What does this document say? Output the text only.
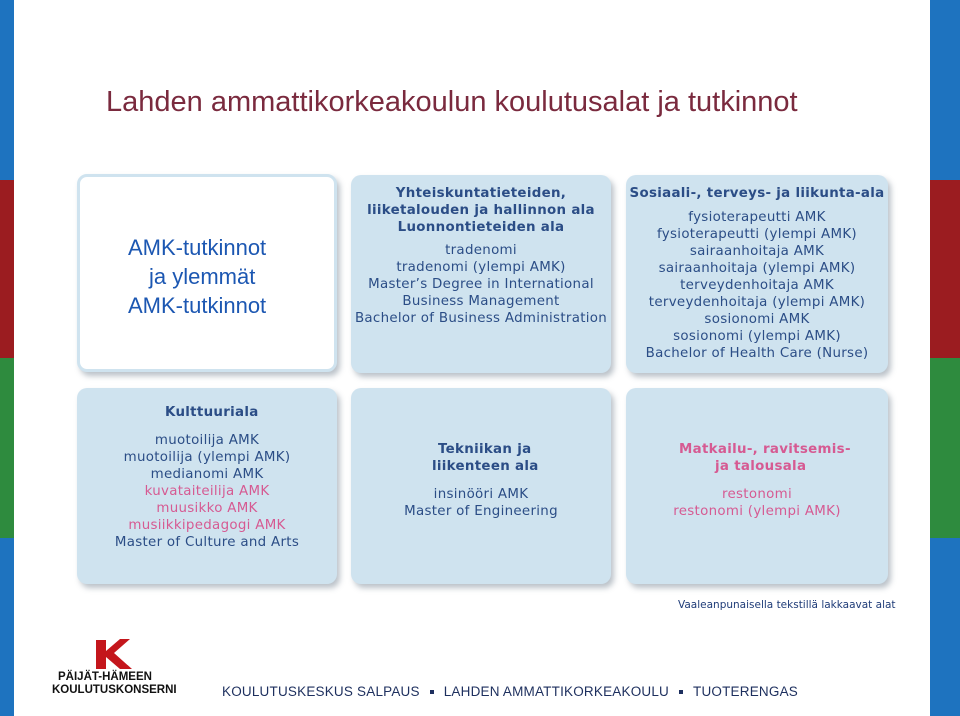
Lahden ammattikorkeakoulun koulutusalat ja tutkinnot
AMK-tutkinnot
ja ylemmät
AMK-tutkinnot
Yhteiskuntatieteiden,
liiketalouden ja hallinnon ala
Luonnontieteiden ala
tradenomi
tradenomi (ylempi AMK)
Master’s Degree in International
Business Management
Bachelor of Business Administration
Sosiaali-, terveys- ja liikunta-ala
fysioterapeutti AMK
fysioterapeutti (ylempi AMK)
sairaanhoitaja AMK
sairaanhoitaja (ylempi AMK)
terveydenhoitaja AMK
terveydenhoitaja (ylempi AMK)
sosionomi AMK
sosionomi (ylempi AMK)
Bachelor of Health Care (Nurse)
Kulttuuriala
muotoilija AMK
muotoilija (ylempi AMK)
medianomi AMK
kuvataiteilija AMK
muusikko AMK
musiikkipedagogi AMK
Master of Culture and Arts
Tekniikan ja
liikenteen ala
insinööri AMK
Master of Engineering
Matkailu-, ravitsemis-
ja talousala
restonomi
restonomi (ylempi AMK)
Vaaleanpunaisella tekstillä lakkaavat alat
PÄIJÄT-HÄMEEN
KOULUTUSKONSERNI	KOULUTUSKESKUS SALPAUS LAHDEN AMMATTIKORKEAKOULU TUOTERENGAS
